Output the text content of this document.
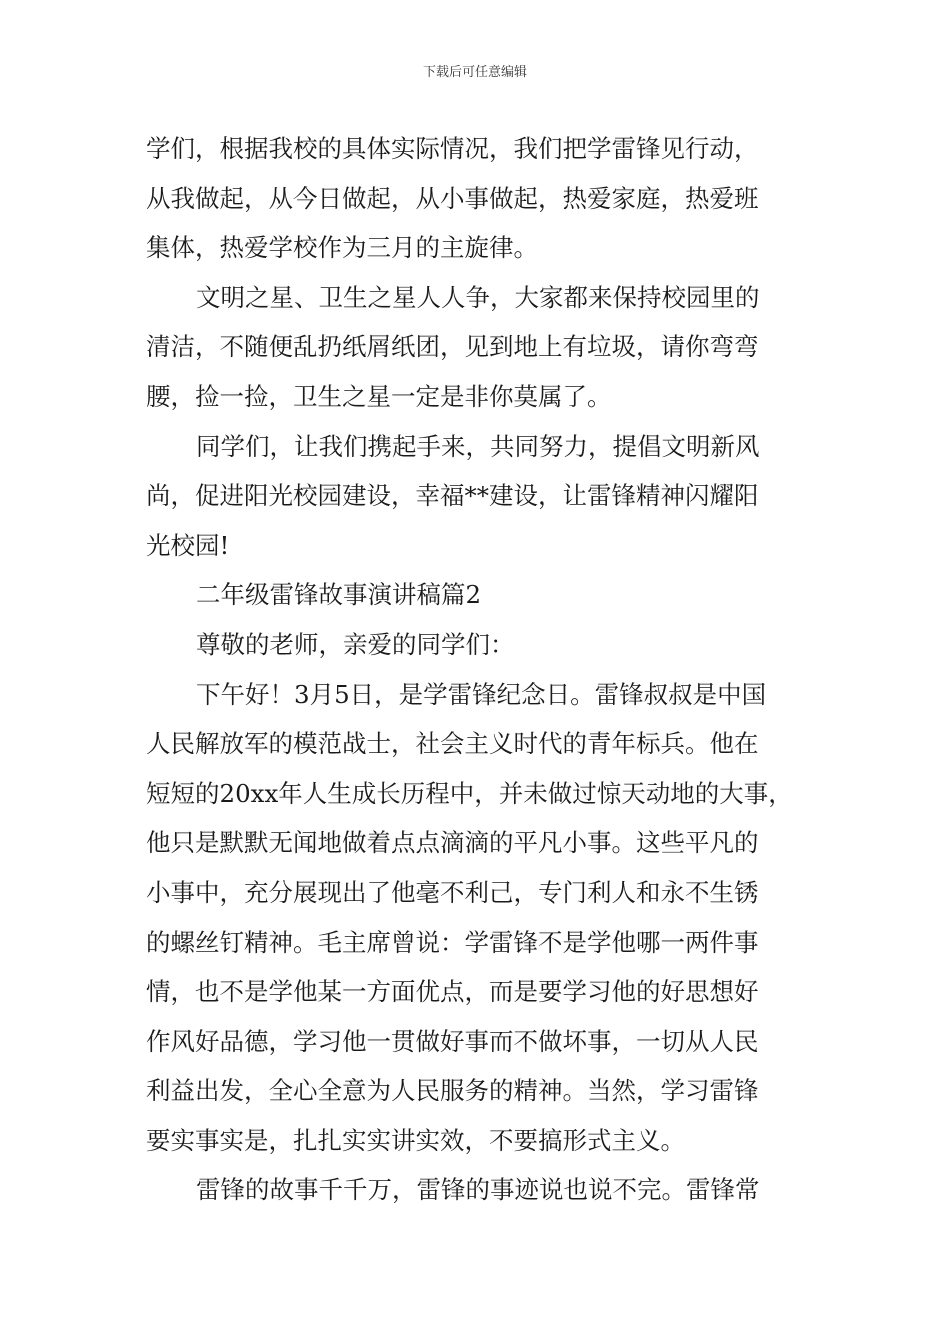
下载后可任意编辑
学们，根据我校的具体实际情况，我们把学雷锋见行动，
从我做起，从今日做起，从小事做起，热爱家庭，热爱班
集体，热爱学校作为三月的主旋律。
文明之星、卫生之星人人争，大家都来保持校园里的
清洁，不随便乱扔纸屑纸团，见到地上有垃圾，请你弯弯
腰，捡一捡，卫生之星一定是非你莫属了。
同学们，让我们携起手来，共同努力，提倡文明新风
尚，促进阳光校园建设，幸福**建设，让雷锋精神闪耀阳
光校园!
二年级雷锋故事演讲稿篇2
尊敬的老师，亲爱的同学们：
下午好！3月5日，是学雷锋纪念日。雷锋叔叔是中国
人民解放军的模范战士，社会主义时代的青年标兵。他在
短短的20xx年人生成长历程中，并未做过惊天动地的大事，
他只是默默无闻地做着点点滴滴的平凡小事。这些平凡的
小事中，充分展现出了他毫不利己，专门利人和永不生锈
的螺丝钉精神。毛主席曾说：学雷锋不是学他哪一两件事
情，也不是学他某一方面优点，而是要学习他的好思想好
作风好品德，学习他一贯做好事而不做坏事，一切从人民
利益出发，全心全意为人民服务的精神。当然，学习雷锋
要实事实是，扎扎实实讲实效，不要搞形式主义。
雷锋的故事千千万，雷锋的事迹说也说不完。雷锋常
